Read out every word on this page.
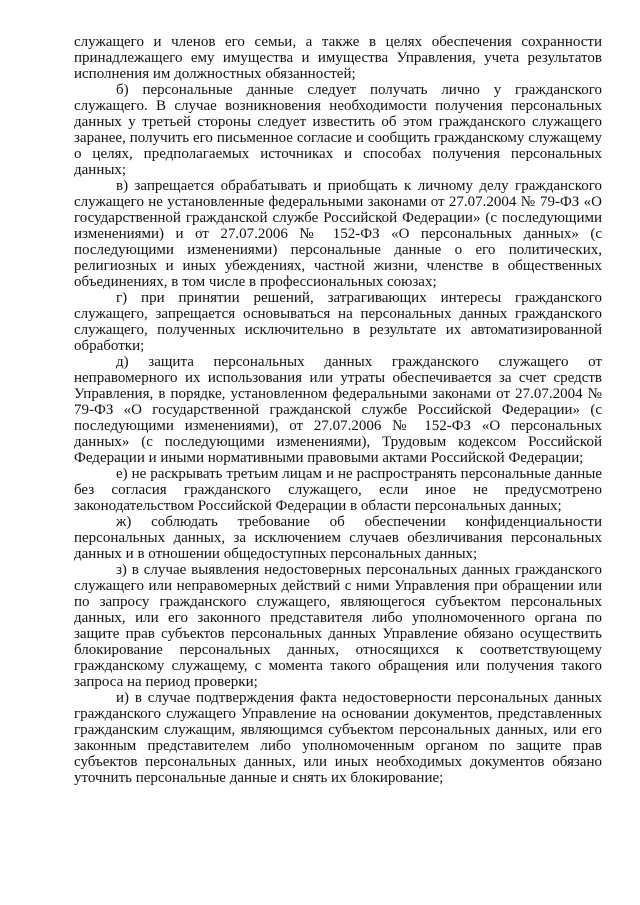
служащего и членов его семьи, а также в целях обеспечения сохранности принадлежащего ему имущества и имущества Управления, учета результатов исполнения им должностных обязанностей;

б) персональные данные следует получать лично у гражданского служащего. В случае возникновения необходимости получения персональных данных у третьей стороны следует известить об этом гражданского служащего заранее, получить его письменное согласие и сообщить гражданскому служащему о целях, предполагаемых источниках и способах получения персональных данных;

в) запрещается обрабатывать и приобщать к личному делу гражданского служащего не установленные федеральными законами от 27.07.2004 № 79-ФЗ «О государственной гражданской службе Российской Федерации» (с последующими изменениями) и от 27.07.2006 № 152-ФЗ «О персональных данных» (с последующими изменениями) персональные данные о его политических, религиозных и иных убеждениях, частной жизни, членстве в общественных объединениях, в том числе в профессиональных союзах;

г) при принятии решений, затрагивающих интересы гражданского служащего, запрещается основываться на персональных данных гражданского служащего, полученных исключительно в результате их автоматизированной обработки;

д) защита персональных данных гражданского служащего от неправомерного их использования или утраты обеспечивается за счет средств Управления, в порядке, установленном федеральными законами от 27.07.2004 № 79-ФЗ «О государственной гражданской службе Российской Федерации» (с последующими изменениями), от 27.07.2006 № 152-ФЗ «О персональных данных» (с последующими изменениями), Трудовым кодексом Российской Федерации и иными нормативными правовыми актами Российской Федерации;

е) не раскрывать третьим лицам и не распространять персональные данные без согласия гражданского служащего, если иное не предусмотрено законодательством Российской Федерации в области персональных данных;

ж) соблюдать требование об обеспечении конфиденциальности персональных данных, за исключением случаев обезличивания персональных данных и в отношении общедоступных персональных данных;

з) в случае выявления недостоверных персональных данных гражданского служащего или неправомерных действий с ними Управления при обращении или по запросу гражданского служащего, являющегося субъектом персональных данных, или его законного представителя либо уполномоченного органа по защите прав субъектов персональных данных Управление обязано осуществить блокирование персональных данных, относящихся к соответствующему гражданскому служащему, с момента такого обращения или получения такого запроса на период проверки;

и) в случае подтверждения факта недостоверности персональных данных гражданского служащего Управление на основании документов, представленных гражданским служащим, являющимся субъектом персональных данных, или его законным представителем либо уполномоченным органом по защите прав субъектов персональных данных, или иных необходимых документов обязано уточнить персональные данные и снять их блокирование;
